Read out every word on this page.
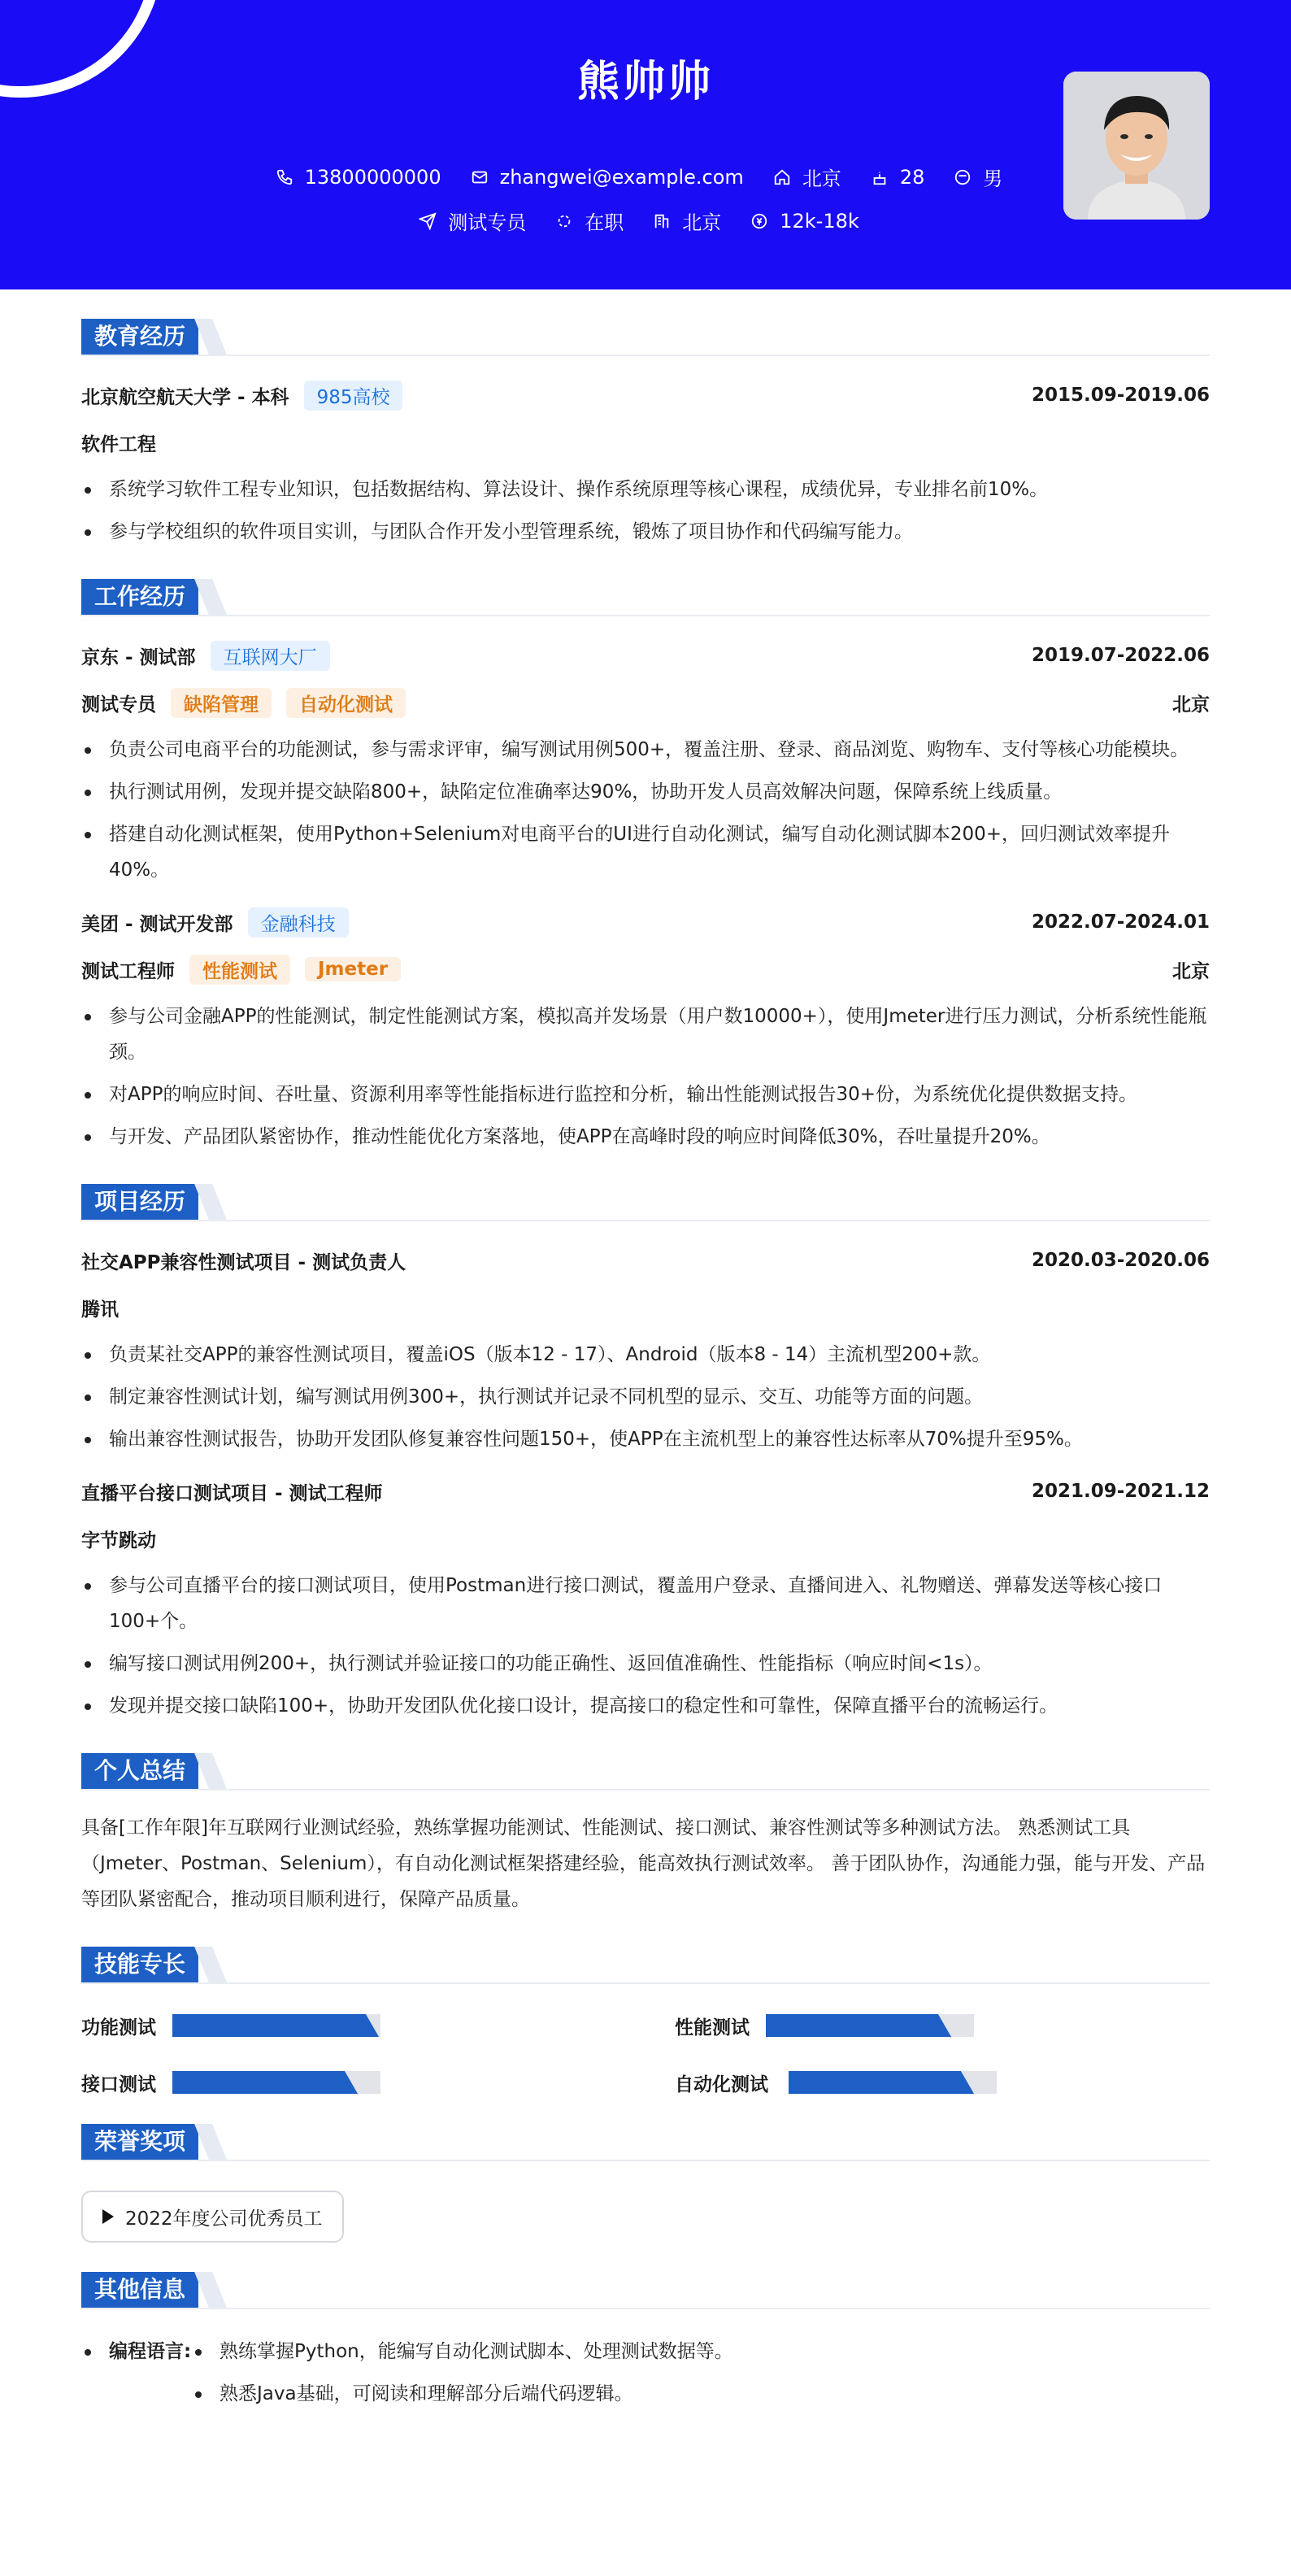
熊帅帅
13800000000	zhangwei@example.com	北京	28	男
测试专员	在职	北京	12k-18k
教育经历
北京航空航天大学 - 本科	985高校	2015.09-2019.06
软件工程
系统学习软件工程专业知识，包括数据结构、算法设计、操作系统原理等核心课程，成绩优异，专业排名前10%。
参与学校组织的软件项目实训，与团队合作开发小型管理系统，锻炼了项目协作和代码编写能力。
工作经历
京东 - 测试部	互联网大厂	2019.07-2022.06
测试专员	缺陷管理	自动化测试	北京
负责公司电商平台的功能测试，参与需求评审，编写测试用例500+，覆盖注册、登录、商品浏览、购物车、支付等核心功能模块。
执行测试用例，发现并提交缺陷800+，缺陷定位准确率达90%，协助开发人员高效解决问题，保障系统上线质量。
搭建自动化测试框架，使用Python+Selenium对电商平台的UI进行自动化测试，编写自动化测试脚本200+，回归测试效率提升40%。
美团 - 测试开发部	金融科技	2022.07-2024.01
测试工程师	性能测试	Jmeter	北京
参与公司金融APP的性能测试，制定性能测试方案，模拟高并发场景（用户数10000+），使用Jmeter进行压力测试，分析系统性能瓶颈。
对APP的响应时间、吞吐量、资源利用率等性能指标进行监控和分析，输出性能测试报告30+份，为系统优化提供数据支持。
与开发、产品团队紧密协作，推动性能优化方案落地，使APP在高峰时段的响应时间降低30%，吞吐量提升20%。
项目经历
社交APP兼容性测试项目 - 测试负责人	2020.03-2020.06
腾讯
负责某社交APP的兼容性测试项目，覆盖iOS（版本12 - 17）、Android（版本8 - 14）主流机型200+款。
制定兼容性测试计划，编写测试用例300+，执行测试并记录不同机型的显示、交互、功能等方面的问题。
输出兼容性测试报告，协助开发团队修复兼容性问题150+，使APP在主流机型上的兼容性达标率从70%提升至95%。
直播平台接口测试项目 - 测试工程师	2021.09-2021.12
字节跳动
参与公司直播平台的接口测试项目，使用Postman进行接口测试，覆盖用户登录、直播间进入、礼物赠送、弹幕发送等核心接口100+个。
编写接口测试用例200+，执行测试并验证接口的功能正确性、返回值准确性、性能指标（响应时间<1s）。
发现并提交接口缺陷100+，协助开发团队优化接口设计，提高接口的稳定性和可靠性，保障直播平台的流畅运行。
个人总结
具备[工作年限]年互联网行业测试经验，熟练掌握功能测试、性能测试、接口测试、兼容性测试等多种测试方法。 熟悉测试工具（Jmeter、Postman、Selenium），有自动化测试框架搭建经验，能高效执行测试效率。 善于团队协作，沟通能力强，能与开发、产品等团队紧密配合，推动项目顺利进行，保障产品质量。
技能专长
功能测试	性能测试
接口测试	自动化测试
荣誉奖项
2022年度公司优秀员工
其他信息
编程语言: 熟练掌握Python，能编写自动化测试脚本、处理测试数据等。
熟悉Java基础，可阅读和理解部分后端代码逻辑。
